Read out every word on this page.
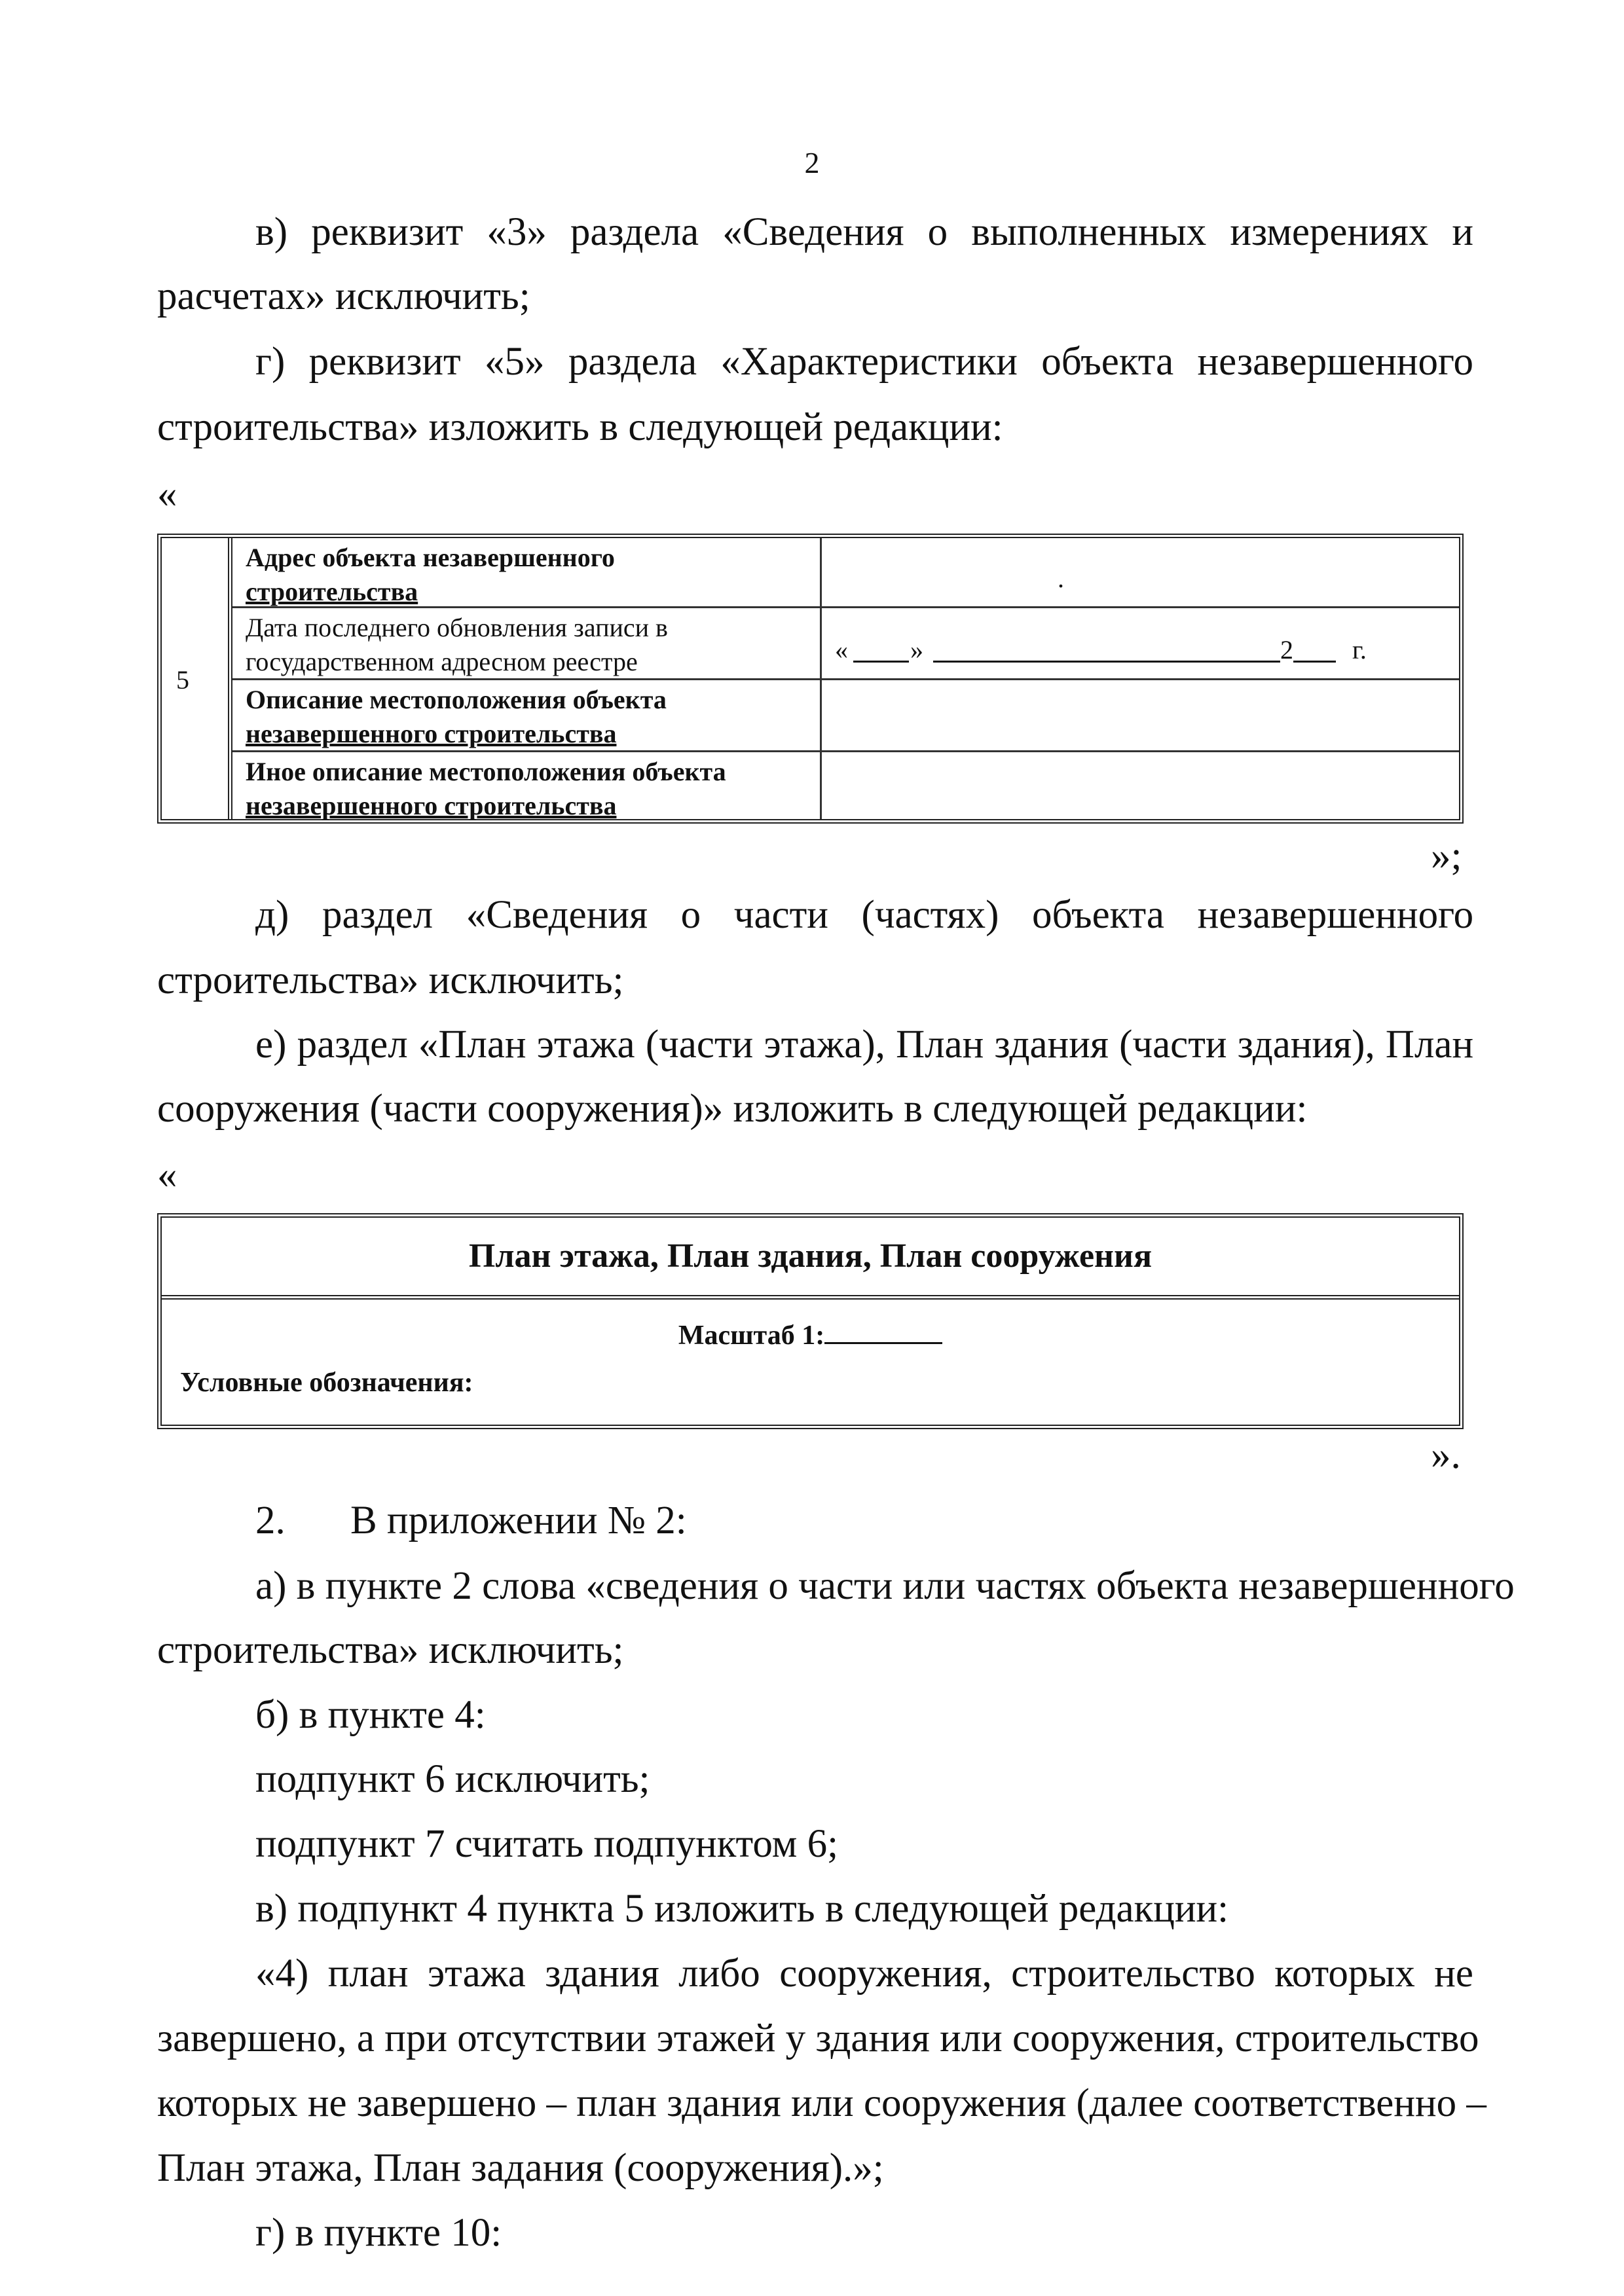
2
в) реквизит «3» раздела «Сведения о выполненных измерениях и
расчетах» исключить;
г) реквизит «5» раздела «Характеристики объекта незавершенного
строительства» изложить в следующей редакции:
«
5
Адрес объекта незавершенного
строительства	.
Дата последнего обновления записи в
государственном адресном реестре	« »	2 г.
Описание местоположения объекта
незавершенного строительства
Иное описание местоположения объекта
незавершенного строительства
»;
д) раздел «Сведения о части (частях) объекта незавершенного
строительства» исключить;
е) раздел «План этажа (части этажа), План здания (части здания), План
сооружения (части сооружения)» изложить в следующей редакции:
«
План этажа, План здания, План сооружения
Масштаб 1:
Условные обозначения:
».
2. В приложении № 2:
а) в пункте 2 слова «сведения о части или частях объекта незавершенного
строительства» исключить;
б) в пункте 4:
подпункт 6 исключить;
подпункт 7 считать подпунктом 6;
в) подпункт 4 пункта 5 изложить в следующей редакции:
«4) план этажа здания либо сооружения, строительство которых не
завершено, а при отсутствии этажей у здания или сооружения, строительство
которых не завершено – план здания или сооружения (далее соответственно –
План этажа, План задания (сооружения).»;
г) в пункте 10:
